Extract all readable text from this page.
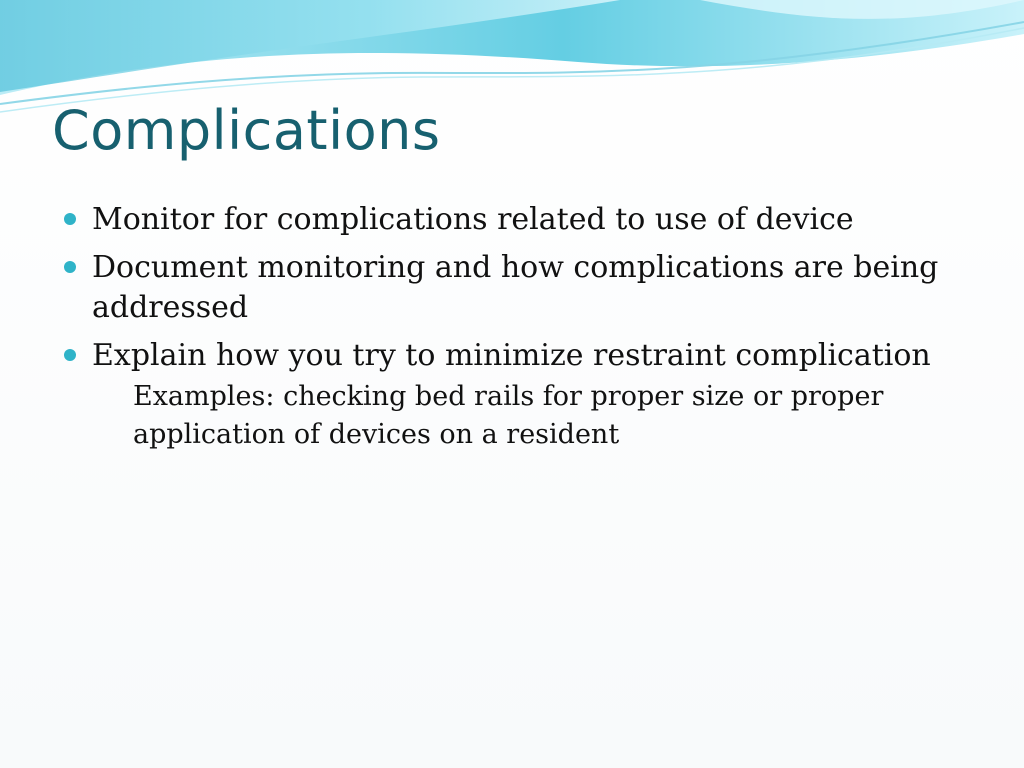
Complications
Monitor for complications related to use of device
Document monitoring and how complications are being addressed
Explain how you try to minimize restraint complication
Examples: checking bed rails for proper size or proper application of devices on a resident
